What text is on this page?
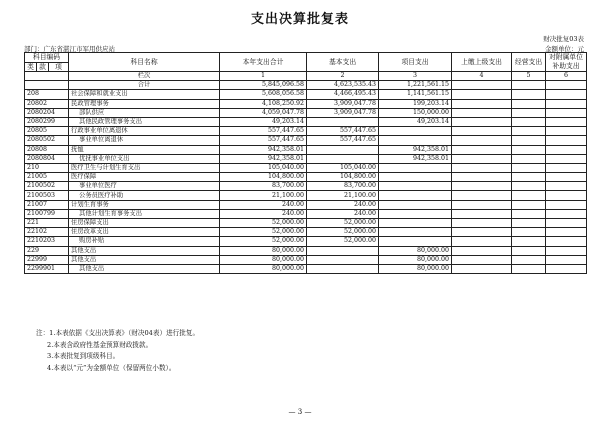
支出决算批复表
财决批复03表
部门：广东省湛江市军用供应站	金额单位：元
科目编码			科目名称	本年支出合计	基本支出	项目支出	上缴上级支出	经营支出	对附属单位补助支出
类	款	项							
			栏次	1	2	3	4	5	6
			合计	5,845,096.58	4,623,535.43	1,221,561.15			
208			社会保障和就业支出	5,608,056.58	4,466,495.43	1,141,561.15			
20802			民政管理事务	4,108,250.92	3,909,047.78	199,203.14			
2080204			部队供应	4,059,047.78	3,909,047.78	150,000.00			
2080299			其他民政管理事务支出	49,203.14		49,203.14			
20805			行政事业单位离退休	557,447.65	557,447.65				
2080502			事业单位离退休	557,447.65	557,447.65				
20808			抚恤	942,358.01		942,358.01			
2080804			优抚事业单位支出	942,358.01		942,358.01			
210			医疗卫生与计划生育支出	105,040.00	105,040.00				
21005			医疗保障	104,800.00	104,800.00				
2100502			事业单位医疗	83,700.00	83,700.00				
2100503			公务员医疗补助	21,100.00	21,100.00				
21007			计划生育事务	240.00	240.00				
2100799			其他计划生育事务支出	240.00	240.00				
221			住房保障支出	52,000.00	52,000.00				
22102			住房改革支出	52,000.00	52,000.00				
2210203			购房补贴	52,000.00	52,000.00				
229			其他支出	80,000.00		80,000.00			
22999			其他支出	80,000.00		80,000.00			
2299901			其他支出	80,000.00		80,000.00			
注：1.本表依据《支出决算表》（财决04表）进行批复。
2.本表含政府性基金预算财政拨款。
3.本表批复到项级科目。
4.本表以“元”为金额单位（保留两位小数）。
— 3 —
